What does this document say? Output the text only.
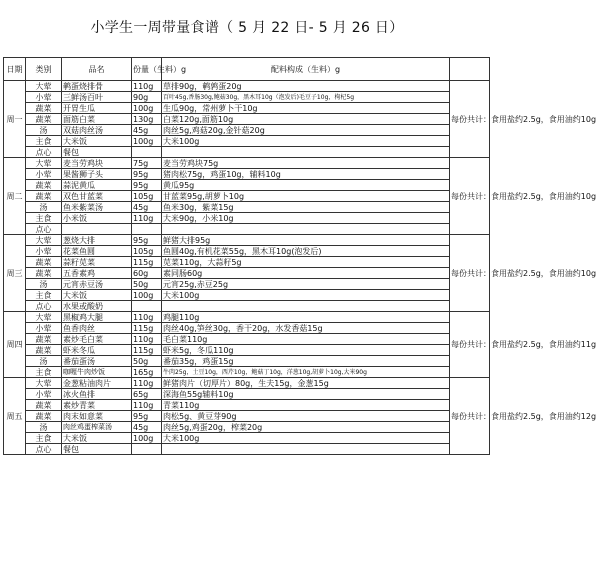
小学生一周带量食谱（ 5 月 22 日- 5 月 26 日）
日期	类别	品名	份量（生料）g	配料构成（生料）g	
周一	大荤	鹌蛋烧排骨	110g	草排90g，鹌鹑蛋20g	每份共计：食用盐约2.5g，食用油约10g
	小荤	三鲜汤百叶	90g	百叶45g,香肠30g,鲍菇30g，黑木耳10g（泡发后)毛豆子10g，枸杞5g	
	蔬菜	开胃生瓜	100g	生瓜90g，常州萝卜干10g	
	蔬菜	面筋白菜	130g	白菜120g,面筋10g	
	汤	双菇肉丝汤	45g	肉丝5g,鸡菇20g,金针菇20g	
	主食	大米饭	100g	大米100g	
	点心	餐包			
周二	大荤	麦当劳鸡块	75g	麦当劳鸡块75g	每份共计：食用盐约2.5g，食用油约10g
	小荤	果酱狮子头	95g	猪肉松75g，鸡蛋10g，辅料10g	
	蔬菜	蒜泥黄瓜	95g	黄瓜95g	
	蔬菜	双色甘蓝菜	105g	甘蓝菜95g,胡萝卜10g	
	汤	鱼米紫菜汤	45g	鱼米30g，紫菜15g	
	主食	小米饭	110g	大米90g，小米10g	
	点心				
周三	大荤	葱烧大排	95g	鲜猪大排95g	每份共计：食用盐约2.5g，食用油约10g
	小荤	花菜鱼圆	105g	鱼圆40g,有机花菜55g，黑木耳10g(泡发后)	
	蔬菜	蒜籽苋菜	115g	苋菜110g，大蒜籽5g	
	蔬菜	五香素鸡	60g	素同肠60g	
	汤	元宵赤豆汤	50g	元宵25g,赤豆25g	
	主食	大米饭	100g	大米100g	
	点心	水果或酸奶			
周四	大荤	黑椒鸡大腿	110g	鸡腿110g	每份共计：食用盐约2.5g，食用油约11g
	小荤	鱼香肉丝	115g	肉丝40g,笋丝30g，香干20g，水发香菇15g	
	蔬菜	素炒毛白菜	110g	毛白菜110g	
	蔬菜	虾米冬瓜	115g	虾米5g，冬瓜110g	
	汤	番茄蛋汤	50g	番茄35g，鸡蛋15g	
	主食	咖喱牛肉炒饭	165g	牛肉25g，土豆10g，西芹10g，鲍菇丁10g，洋葱10g,胡萝卜10g,大米90g	
周五	大荤	金葱粘油肉片	110g	鲜猪肉片（切厚片）80g，生夫15g，金葱15g	每份共计：食用盐约2.5g，食用油约12g
	小荤	冰火鱼排	65g	深海鱼55g辅料10g	
	蔬菜	素炒青菜	110g	青菜110g	
	蔬菜	肉末如意菜	95g	肉松5g、黄豆芽90g	
	汤	肉丝鸡蛋榨菜汤	45g	肉丝5g,鸡蛋20g，榨菜20g	
	主食	大米饭	100g	大米100g	
	点心	餐包			
